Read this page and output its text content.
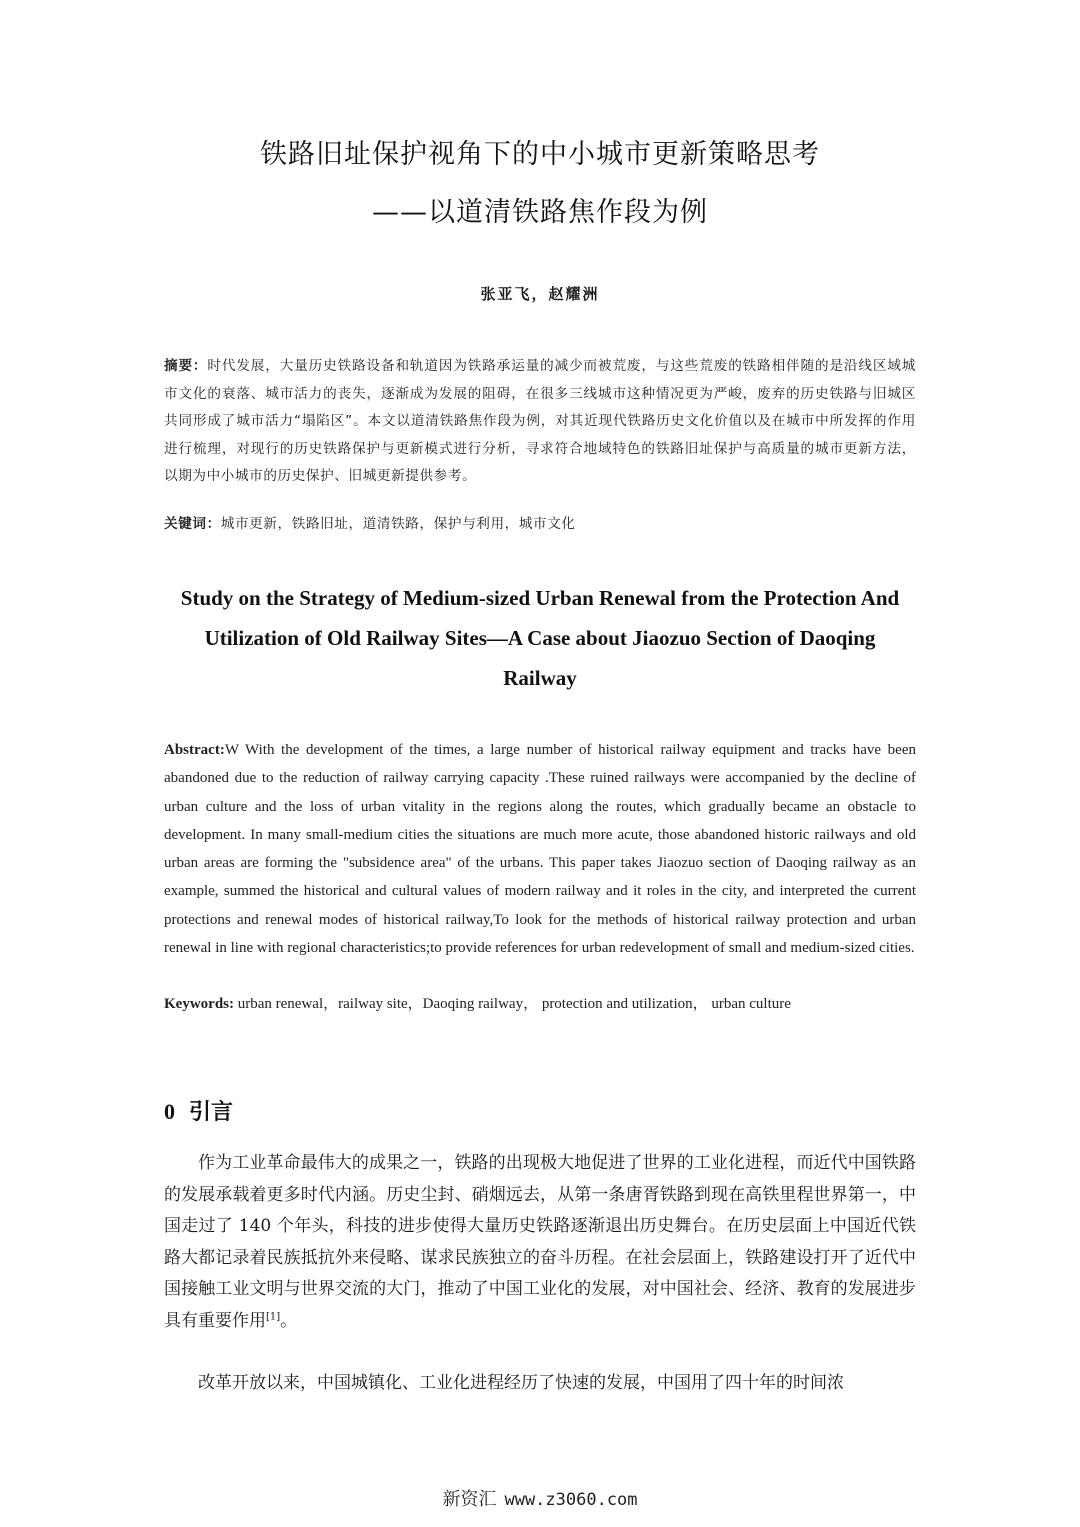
铁路旧址保护视角下的中小城市更新策略思考
——以道清铁路焦作段为例
张亚飞，赵耀洲
摘要：时代发展，大量历史铁路设备和轨道因为铁路承运量的减少而被荒废，与这些荒废的铁路相伴随的是沿线区域城市文化的衰落、城市活力的丧失，逐渐成为发展的阻碍，在很多三线城市这种情况更为严峻，废弃的历史铁路与旧城区共同形成了城市活力“塌陷区”。本文以道清铁路焦作段为例，对其近现代铁路历史文化价值以及在城市中所发挥的作用进行梳理，对现行的历史铁路保护与更新模式进行分析，寻求符合地域特色的铁路旧址保护与高质量的城市更新方法，以期为中小城市的历史保护、旧城更新提供参考。
关键词：城市更新，铁路旧址，道清铁路，保护与利用，城市文化
Study on the Strategy of Medium-sized Urban Renewal from the Protection And
Utilization of Old Railway Sites—A Case about Jiaozuo Section of Daoqing
Railway
Abstract:W With the development of the times, a large number of historical railway equipment and tracks have been abandoned due to the reduction of railway carrying capacity .These ruined railways were accompanied by the decline of urban culture and the loss of urban vitality in the regions along the routes, which gradually became an obstacle to development. In many small-medium cities the situations are much more acute, those abandoned historic railways and old urban areas are forming the "subsidence area" of the urbans. This paper takes Jiaozuo section of Daoqing railway as an example, summed the historical and cultural values of modern railway and it roles in the city, and interpreted the current protections and renewal modes of historical railway,To look for the methods of historical railway protection and urban renewal in line with regional characteristics;to provide references for urban redevelopment of small and medium-sized cities.
Keywords: urban renewal，railway site，Daoqing railway， protection and utilization， urban culture
0 引言
作为工业革命最伟大的成果之一，铁路的出现极大地促进了世界的工业化进程，而近代中国铁路的发展承载着更多时代内涵。历史尘封、硝烟远去，从第一条唐胥铁路到现在高铁里程世界第一，中国走过了 140 个年头，科技的进步使得大量历史铁路逐渐退出历史舞台。在历史层面上中国近代铁路大都记录着民族抵抗外来侵略、谋求民族独立的奋斗历程。在社会层面上，铁路建设打开了近代中国接触工业文明与世界交流的大门，推动了中国工业化的发展，对中国社会、经济、教育的发展进步具有重要作用[1]。
改革开放以来，中国城镇化、工业化进程经历了快速的发展，中国用了四十年的时间浓
新资汇 www.z3060.com
